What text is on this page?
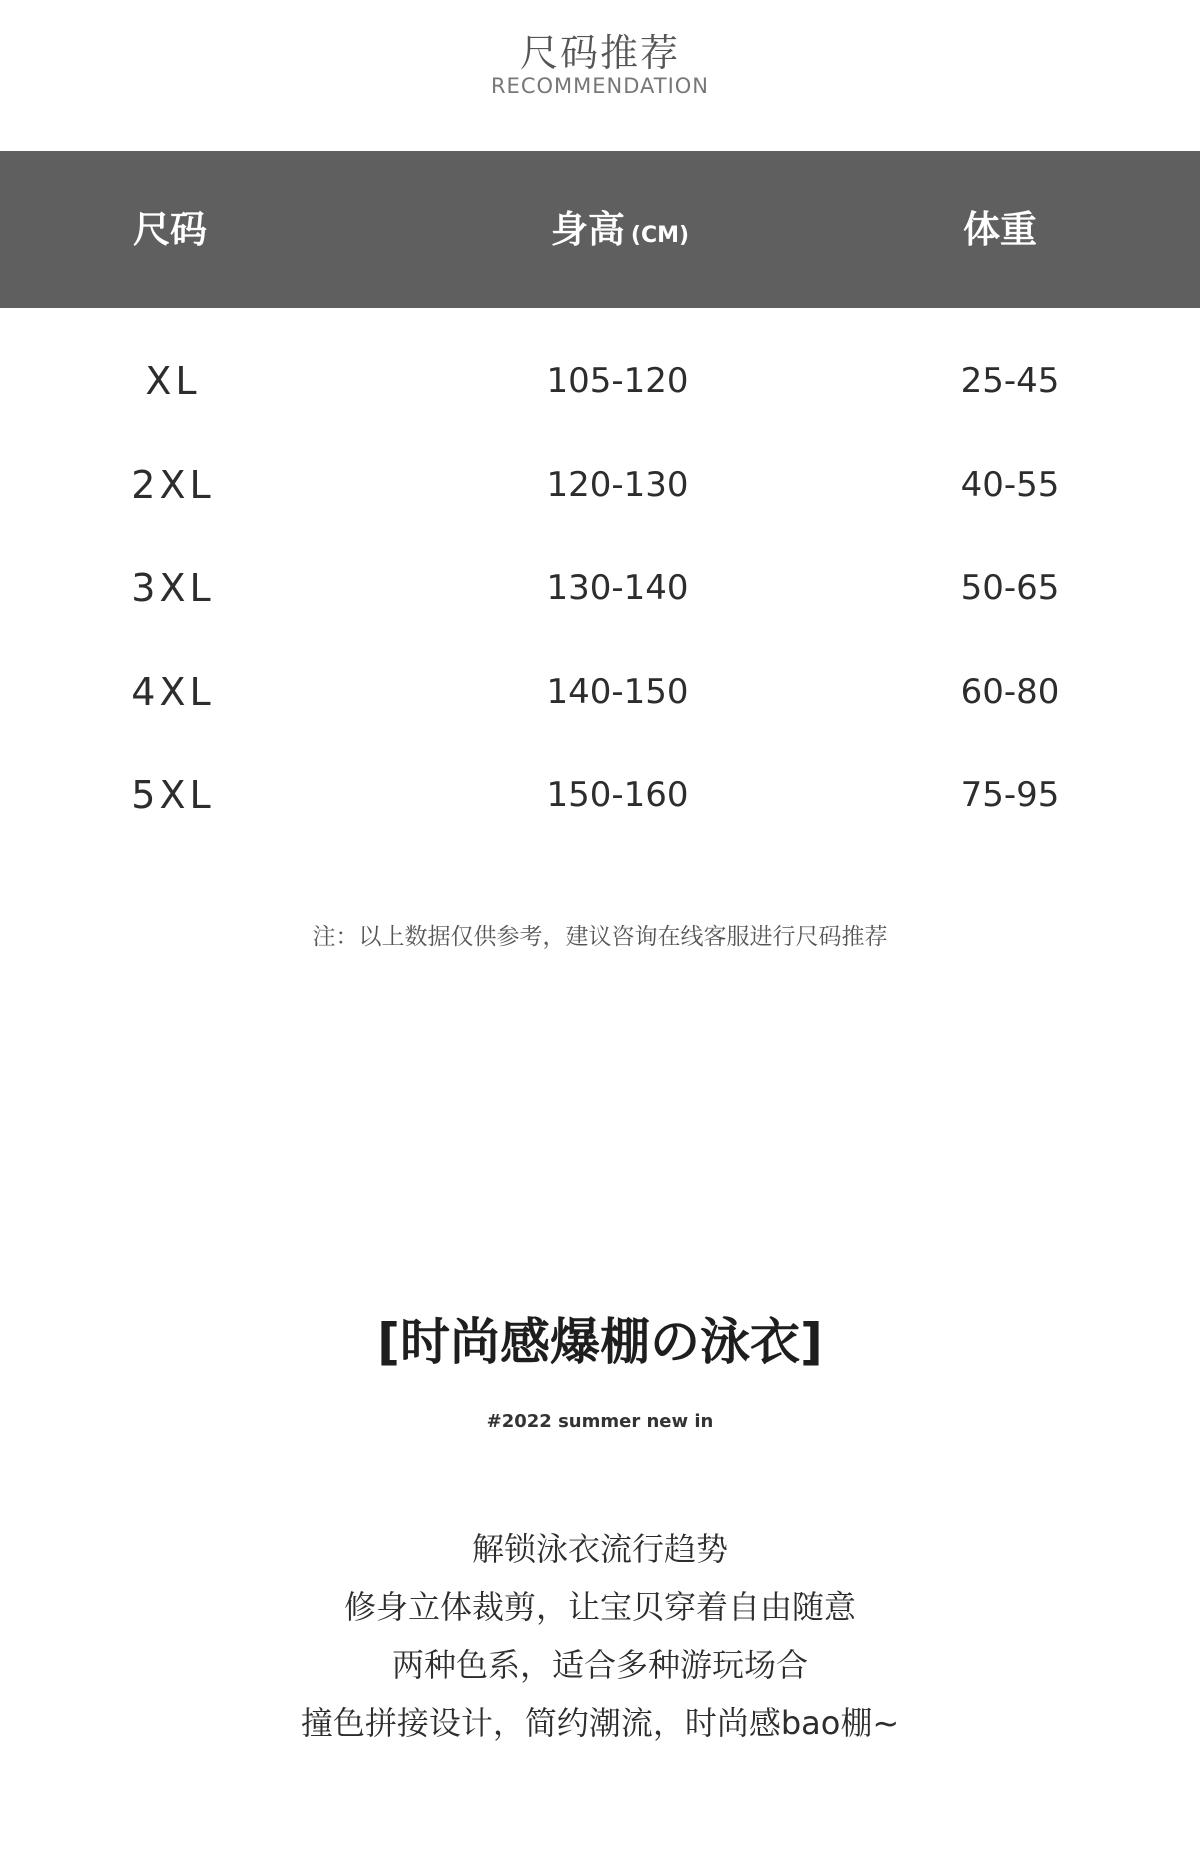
尺码推荐
RECOMMENDATION
尺码	身高 (CM)	体重
XL	105-120	25-45
2XL	120-130	40-55
3XL	130-140	50-65
4XL	140-150	60-80
5XL	150-160	75-95
注：以上数据仅供参考，建议咨询在线客服进行尺码推荐
[时尚感爆棚の泳衣]
#2022 summer new in
解锁泳衣流行趋势
修身立体裁剪，让宝贝穿着自由随意
两种色系，适合多种游玩场合
撞色拼接设计，简约潮流，时尚感bao棚~
